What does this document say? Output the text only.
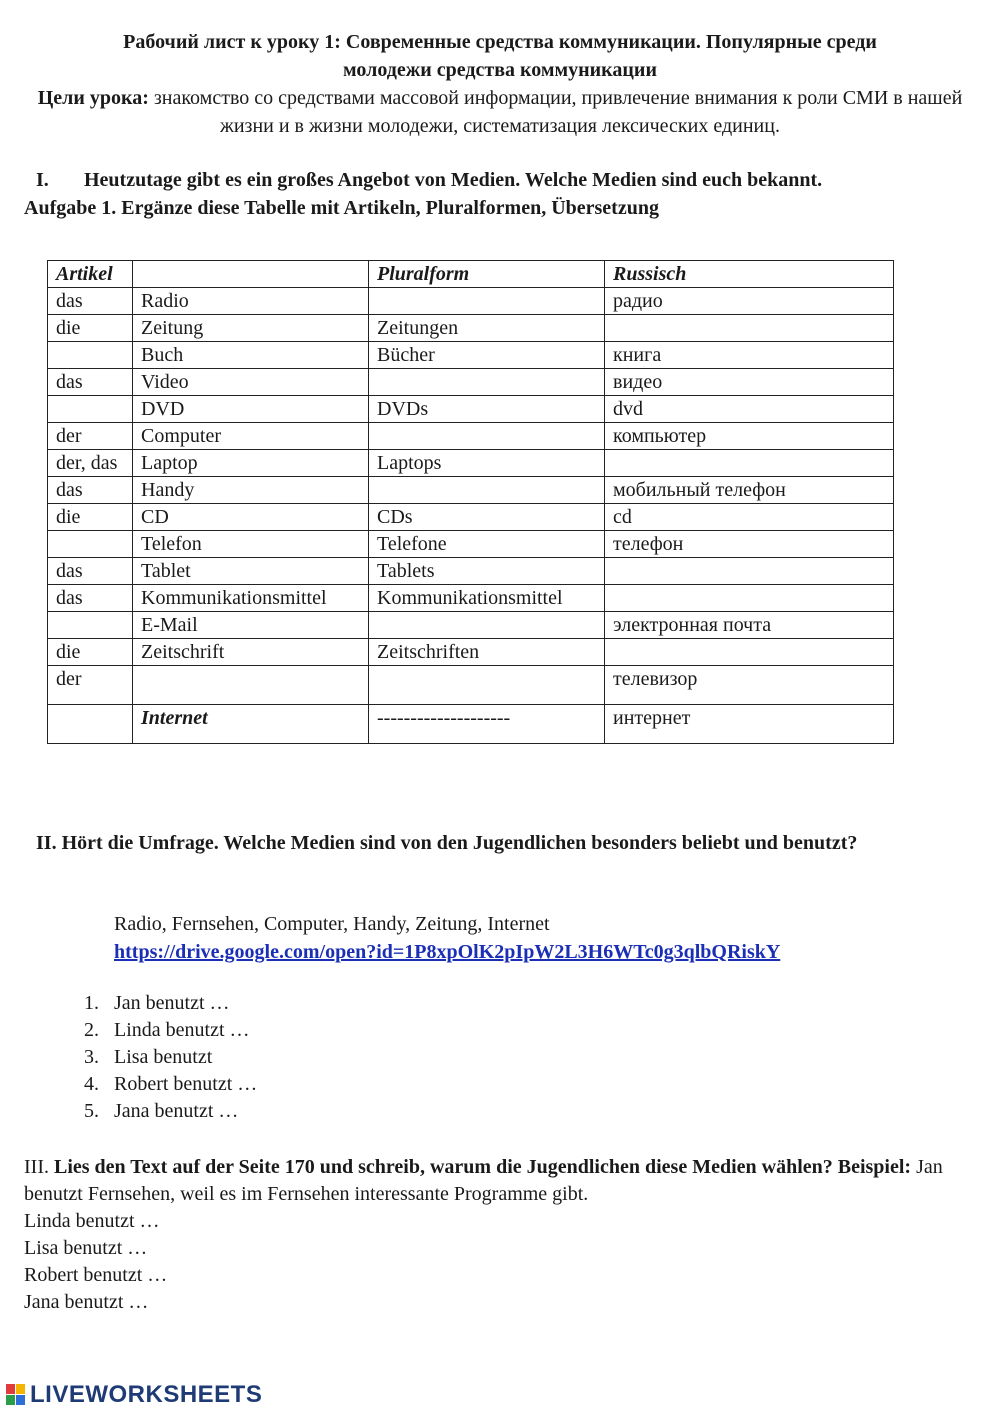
Рабочий лист к уроку 1: Современные средства коммуникации. Популярные среди
молодежи средства коммуникации
Цели урока: знакомство со средствами массовой информации, привлечение внимания к роли СМИ в нашей жизни и в жизни молодежи, систематизация лексических единиц.
I. Heutzutage gibt es ein großes Angebot von Medien. Welche Medien sind euch bekannt.
Aufgabe 1. Ergänze diese Tabelle mit Artikeln, Pluralformen, Übersetzung
Artikel		Pluralform	Russisch
das	Radio		радио
die	Zeitung	Zeitungen	
	Buch	Bücher	книга
das	Video		видео
	DVD	DVDs	dvd
der	Computer		компьютер
der, das	Laptop	Laptops	
das	Handy		мобильный телефон
die	CD	CDs	cd
	Telefon	Telefone	телефон
das	Tablet	Tablets	
das	Kommunikationsmittel	Kommunikationsmittel	
	E-Mail		электронная почта
die	Zeitschrift	Zeitschriften	
der			телевизор
	Internet	--------------------	интернет
II. Hört die Umfrage. Welche Medien sind von den Jugendlichen besonders beliebt und benutzt?
Radio, Fernsehen, Computer, Handy, Zeitung, Internet
https://drive.google.com/open?id=1P8xpOlK2pIpW2L3H6WTc0g3qlbQRiskY
1. Jan benutzt …
2. Linda benutzt …
3. Lisa benutzt
4. Robert benutzt …
5. Jana benutzt …
III. Lies den Text auf der Seite 170 und schreib, warum die Jugendlichen diese Medien wählen? Beispiel: Jan benutzt Fernsehen, weil es im Fernsehen interessante Programme gibt.
Linda benutzt …
Lisa benutzt …
Robert benutzt …
Jana benutzt …
LIVEWORKSHEETS
